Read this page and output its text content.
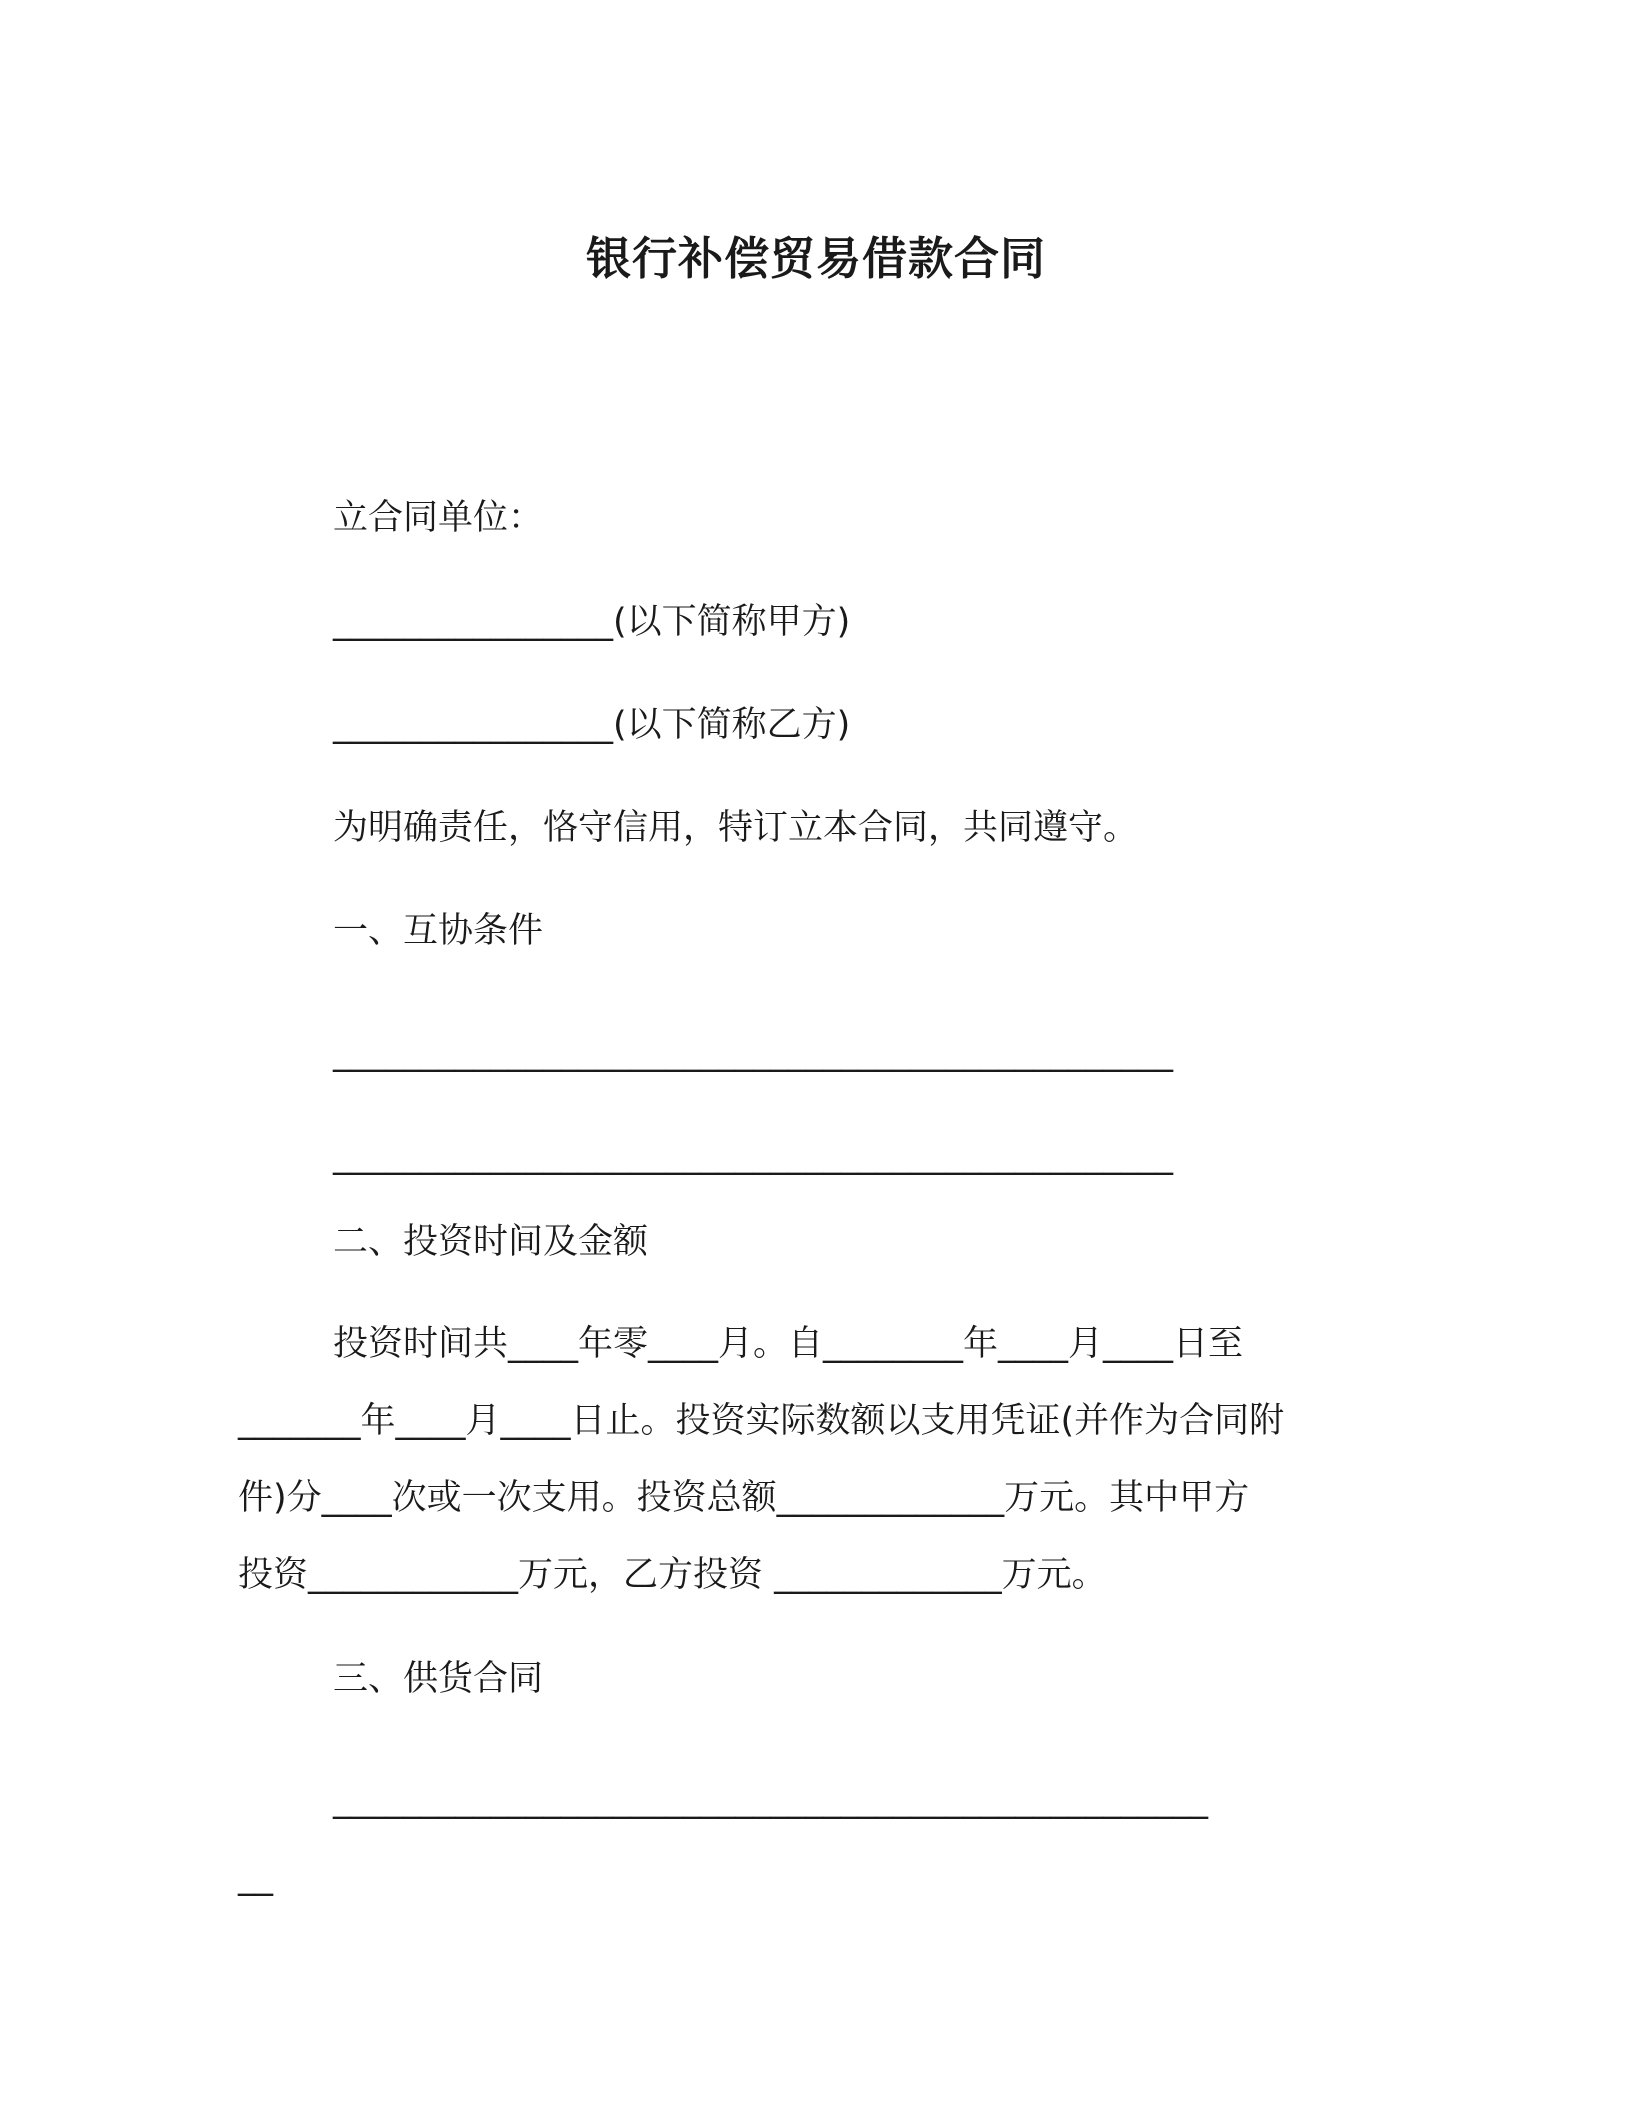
银行补偿贸易借款合同
立合同单位：
________________(以下简称甲方)
________________(以下简称乙方)
为明确责任，恪守信用，特订立本合同，共同遵守。
一、互协条件
________________________________________________
________________________________________________
二、投资时间及金额
投资时间共____年零____月。自________年____月____日至
_______年____月____日止。投资实际数额以支用凭证(并作为合同附
件)分____次或一次支用。投资总额_____________万元。其中甲方
投资____________万元，乙方投资 _____________万元。
三、供货合同
__________________________________________________
__
